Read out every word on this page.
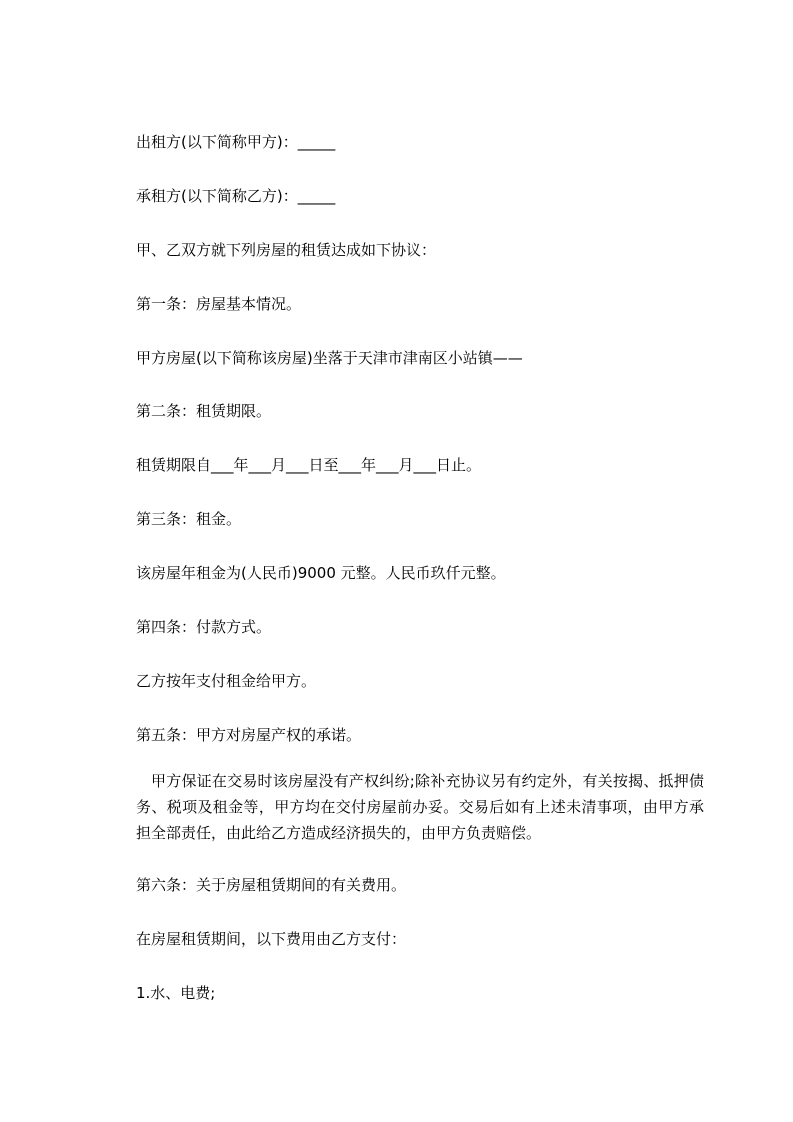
出租方(以下简称甲方)：_____
承租方(以下简称乙方)：_____
甲、乙双方就下列房屋的租赁达成如下协议：
第一条：房屋基本情况。
甲方房屋(以下简称该房屋)坐落于天津市津南区小站镇——
第二条：租赁期限。
租赁期限自___年___月___日至___年___月___日止。
第三条：租金。
该房屋年租金为(人民币)9000 元整。人民币玖仟元整。
第四条：付款方式。
乙方按年支付租金给甲方。
第五条：甲方对房屋产权的承诺。
甲方保证在交易时该房屋没有产权纠纷;除补充协议另有约定外，有关按揭、抵押债务、税项及租金等，甲方均在交付房屋前办妥。交易后如有上述未清事项，由甲方承担全部责任，由此给乙方造成经济损失的，由甲方负责赔偿。
第六条：关于房屋租赁期间的有关费用。
在房屋租赁期间，以下费用由乙方支付：
1.水、电费;
